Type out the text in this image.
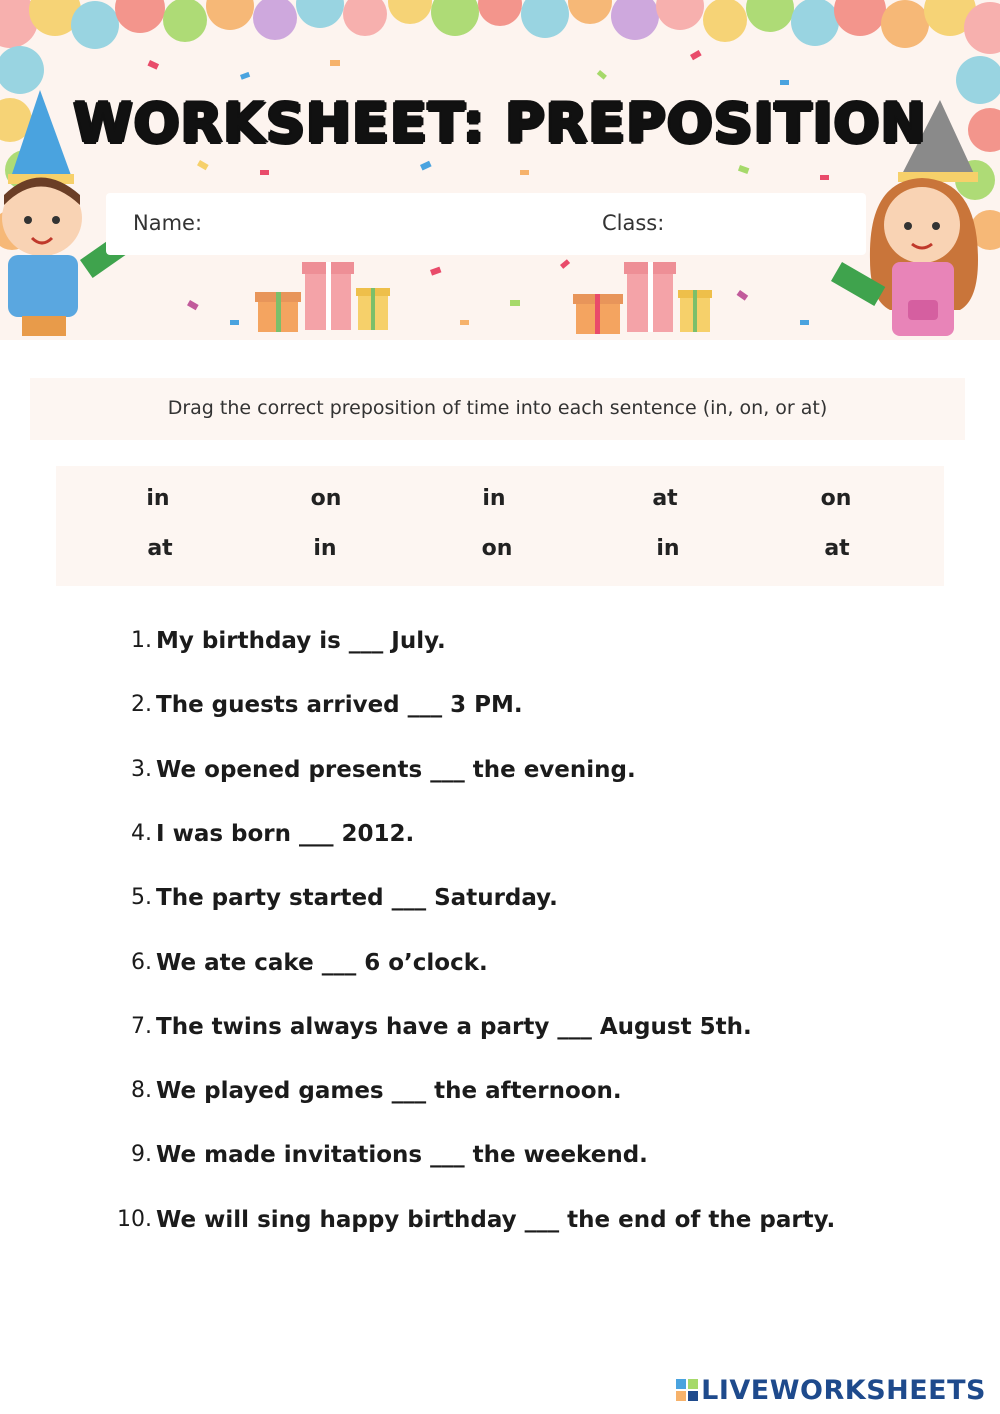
WORKSHEET: PREPOSITION
Name:	Class:
Drag the correct preposition of time into each sentence (in, on, or at)
in	on	in	at	on
at	in	on	in	at
1. My birthday is ___ July.
2. The guests arrived ___ 3 PM.
3. We opened presents ___ the evening.
4. I was born ___ 2012.
5. The party started ___ Saturday.
6. We ate cake ___ 6 o’clock.
7. The twins always have a party ___ August 5th.
8. We played games ___ the afternoon.
9. We made invitations ___ the weekend.
10. We will sing happy birthday ___ the end of the party.
LIVEWORKSHEETS
